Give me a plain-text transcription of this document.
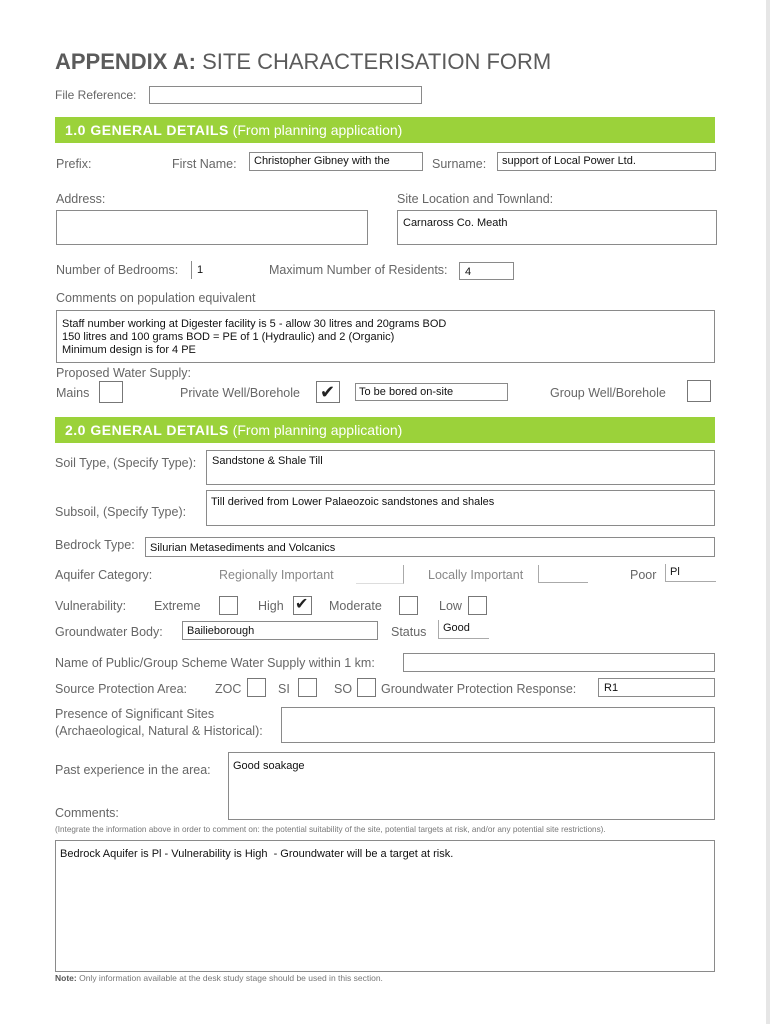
APPENDIX A: SITE CHARACTERISATION FORM
File Reference:
1.0 GENERAL DETAILS (From planning application)
Prefix:	First Name: Christopher Gibney with the	Surname: support of Local Power Ltd.
Address:	Site Location and Townland:
Carnaross Co. Meath
Number of Bedrooms: 1	Maximum Number of Residents: 4
Comments on population equivalent
Staff number working at Digester facility is 5 - allow 30 litres and 20grams BOD
150 litres and 100 grams BOD = PE of 1 (Hydraulic) and 2 (Organic)
Minimum design is for 4 PE
Proposed Water Supply:
Mains	Private Well/Borehole ✔ To be bored on-site	Group Well/Borehole
2.0 GENERAL DETAILS (From planning application)
Soil Type, (Specify Type): Sandstone & Shale Till
Subsoil, (Specify Type):
Till derived from Lower Palaeozoic sandstones and shales
Bedrock Type: Silurian Metasediments and Volcanics
Aquifer Category:	Regionally Important	Locally Important	Poor Pl
Vulnerability: Extreme	High ✔ Moderate	Low
Groundwater Body: Bailieborough	Status Good
Name of Public/Group Scheme Water Supply within 1 km:
Source Protection Area: ZOC	SI	SO Groundwater Protection Response:	R1
Presence of Significant Sites
(Archaeological, Natural & Historical):
Past experience in the area: Good soakage
Comments:
(Integrate the information above in order to comment on: the potential suitability of the site, potential targets at risk, and/or any potential site restrictions).
Bedrock Aquifer is Pl - Vulnerability is High  - Groundwater will be a target at risk.
Note: Only information available at the desk study stage should be used in this section.
